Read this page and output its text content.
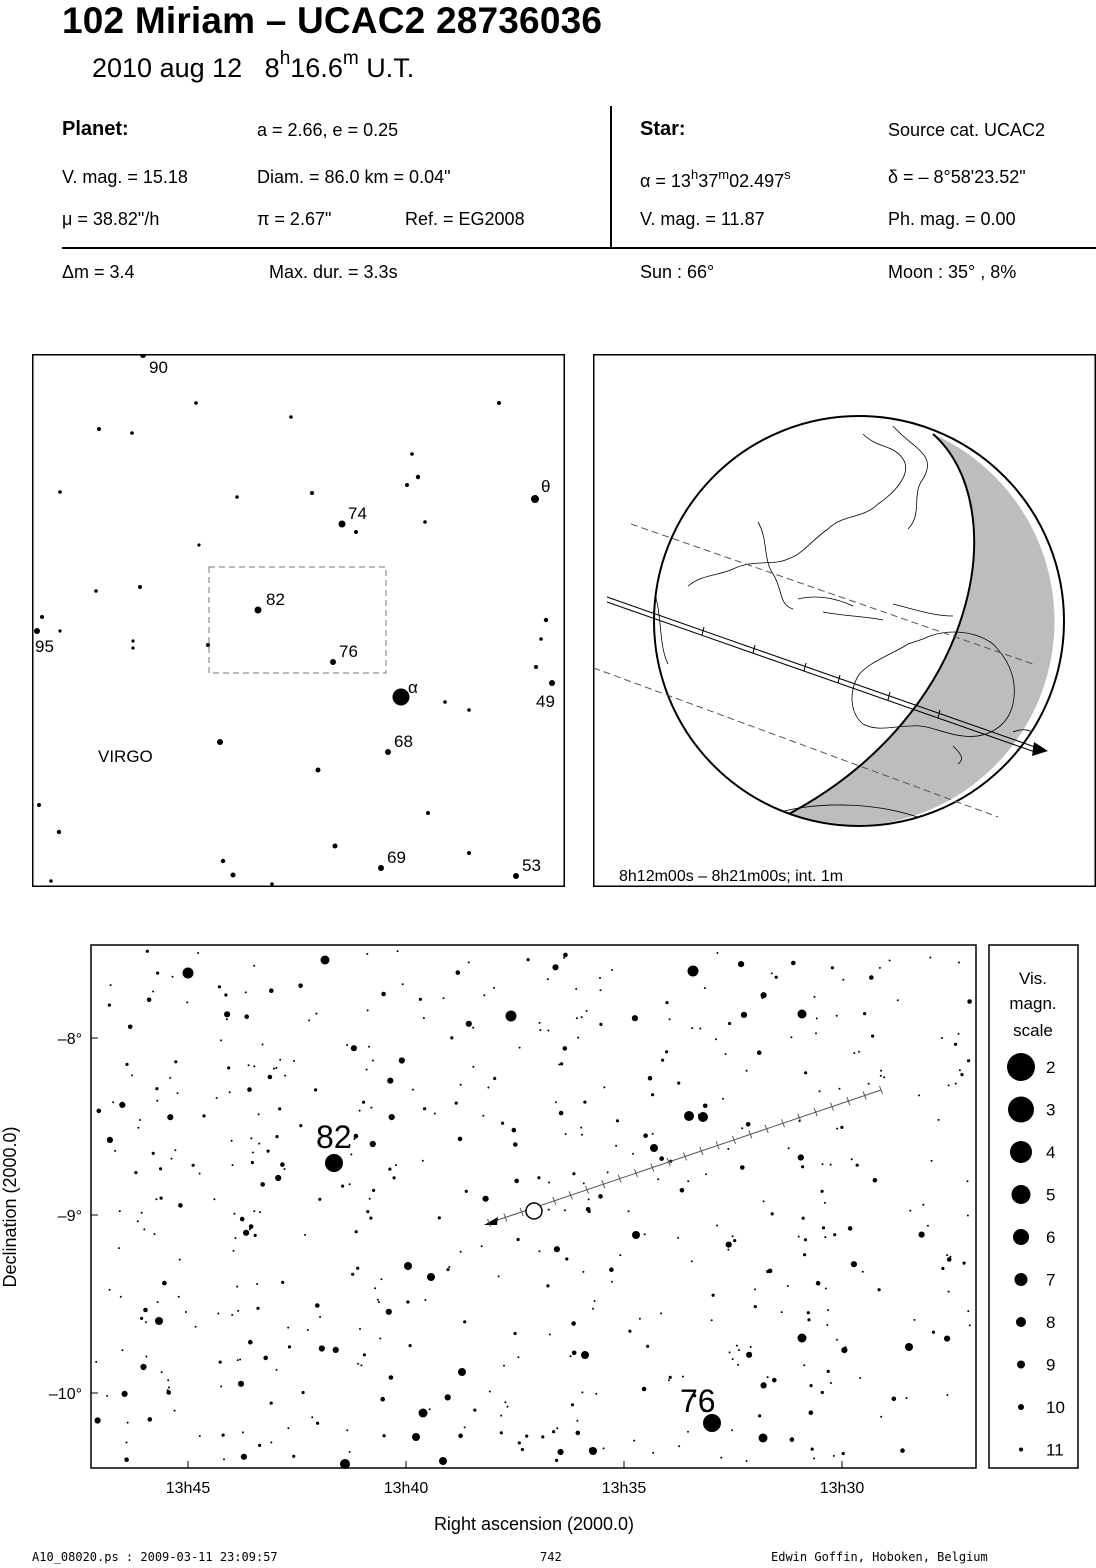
102 Miriam – UCAC2 28736036
2010 aug 12 8$^h$16.6$^m$ U.T.
Planet:	a = 2.66, e = 0.25
V. mag. = 15.18	Diam. = 86.0 km = 0.04"
μ = 38.82"/h	π = 2.67"	Ref. = EG2008
Star:	Source cat. UCAC2
$\alpha = 13^h37^m02.497^s$	δ = – 8°58'23.52"
V. mag. = 11.87	Ph. mag. = 0.00
Δm = 3.4	Max. dur. = 3.3s	Sun : 66°	Moon : 35° , 8%
90
74
θ
82
95	76
α
49
68
VIRGO
69	53
8h12m00s – 8h21m00s; int. 1m
13h45	13h40	13h35	13h30
–8°
–9°
–10°
Right ascension (2000.0)
Declination (2000.0)	82
76
Vis.
magn.
scale
2
3
4
5
6
7
8
9
10
11
A10_08020.ps : 2009-03-11 23:09:57	742	Edwin Goffin, Hoboken, Belgium
